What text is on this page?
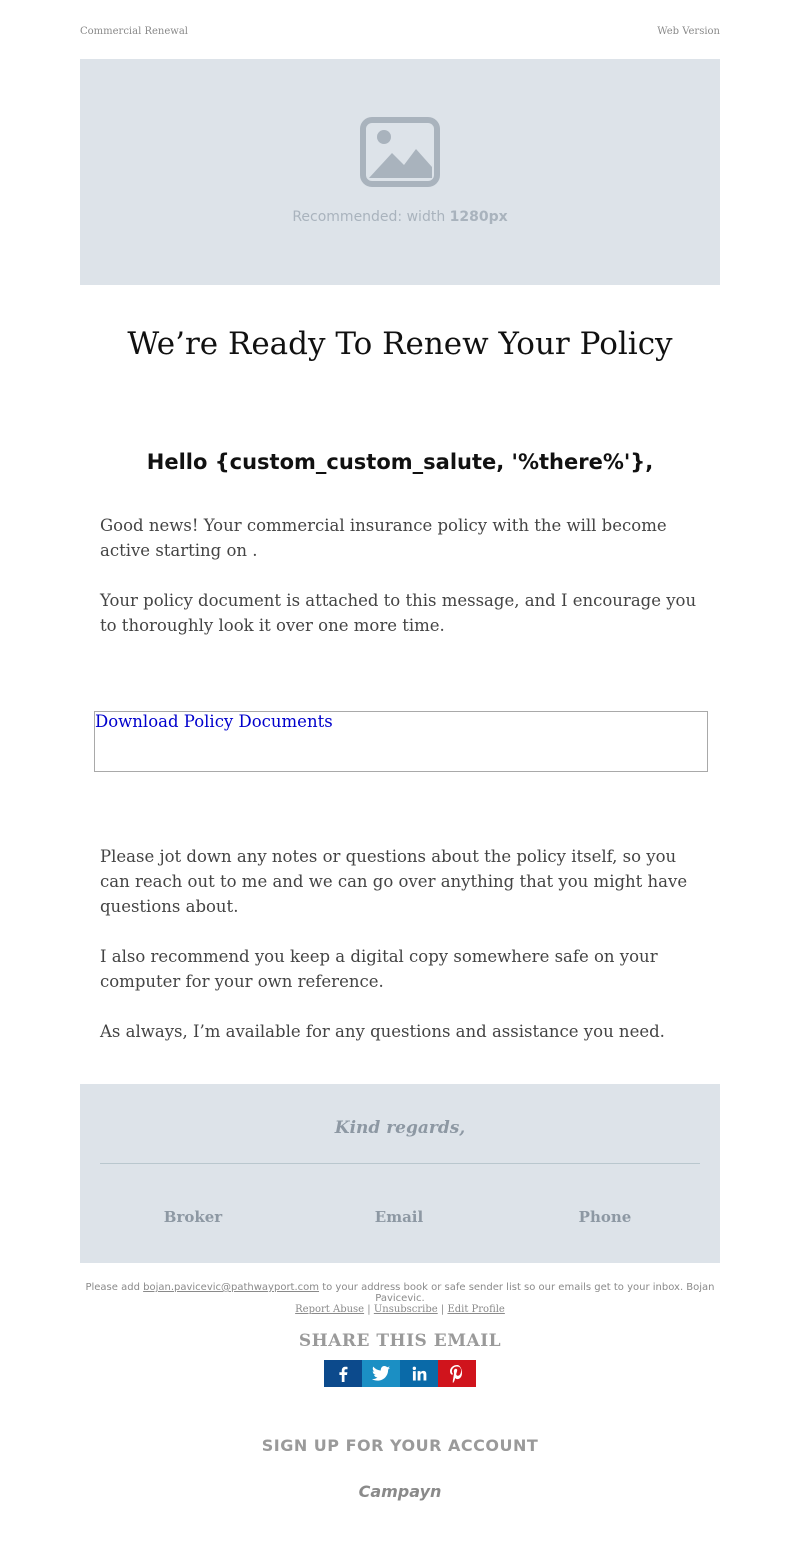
Commercial Renewal	Web Version
Recommended: width 1280px
We’re Ready To Renew Your Policy
Hello {custom_custom_salute, '%there%'},
Good news! Your commercial insurance policy with the will become active starting on .
Your policy document is attached to this message, and I encourage you to thoroughly look it over one more time.
Download Policy Documents
Please jot down any notes or questions about the policy itself, so you can reach out to me and we can go over anything that you might have questions about.
I also recommend you keep a digital copy somewhere safe on your computer for your own reference.
As always, I’m available for any questions and assistance you need.
Kind regards,
Broker	Email	Phone
Please add bojan.pavicevic@pathwayport.com to your address book or safe sender list so our emails get to your inbox. Bojan Pavicevic.
Report Abuse | Unsubscribe | Edit Profile
SHARE THIS EMAIL
SIGN UP FOR YOUR ACCOUNT
Campayn
